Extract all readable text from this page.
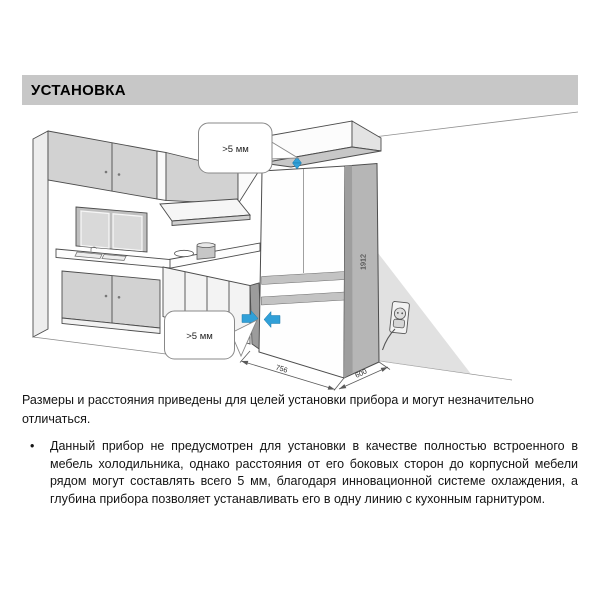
УСТАНОВКА
1912
756	600
>5 мм
>5 мм

Размеры и расстояния приведены для целей установки прибора и могут незначительно отличаться.

•	Данный прибор не предусмотрен для установки в качестве полностью встроенного в мебель холодильника, однако расстояния от его боковых сторон до корпусной мебели рядом могут составлять всего 5 мм, благодаря инновационной системе охлаждения, а глубина прибора позволяет устанавливать его в одну линию с кухонным гарнитуром.
